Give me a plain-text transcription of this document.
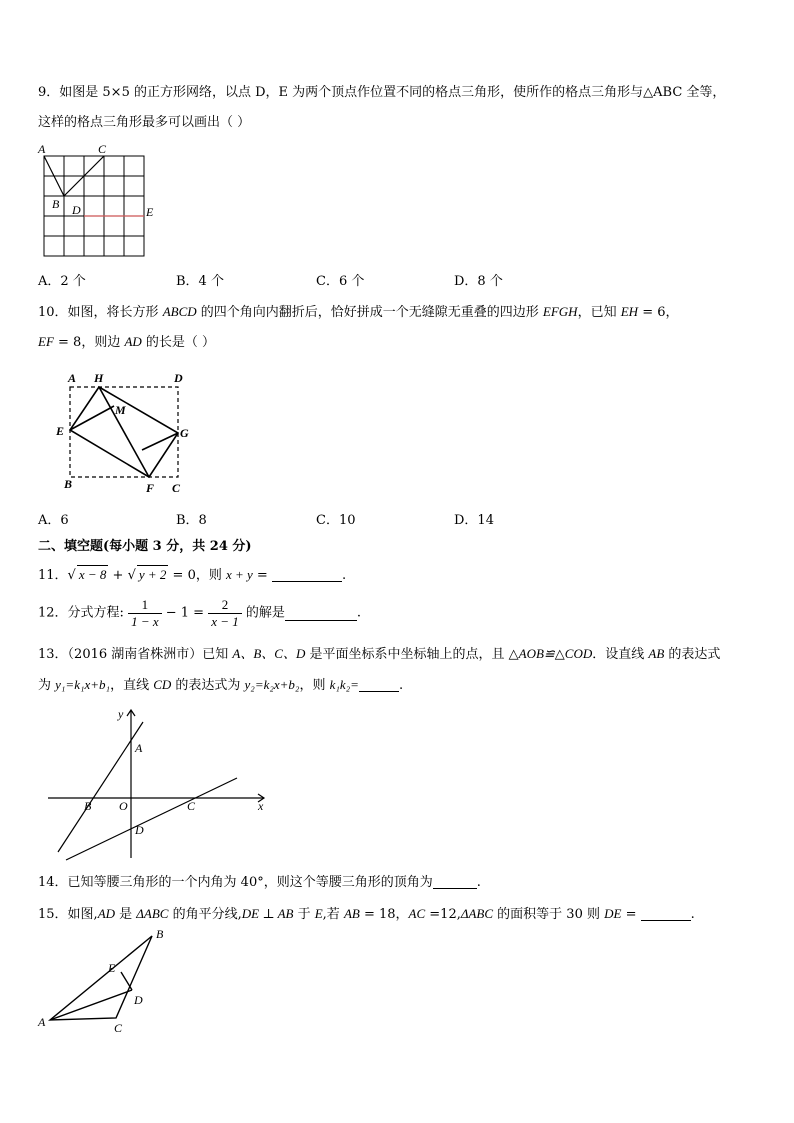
9．如图是 5×5 的正方形网络，以点 D，E 为两个顶点作位置不同的格点三角形，使所作的格点三角形与△ABC 全等，
这样的格点三角形最多可以画出（ ）
A	C
B D	E
A．2 个	B．4 个	C．6 个	D．8 个
10．如图，将长方形 ABCD 的四个角向内翻折后，恰好拼成一个无缝隙无重叠的四边形 EFGH，已知 EH = 6，
EF = 8，则边 AD 的长是（ ）
A H	D
M
E	G
B	F C
A．6	B．8	C．10	D．14
二、填空题(每小题 3 分，共 24 分)
11．√ x − 8 + √ y + 2 = 0，则 x + y =	.
12．分式方程: $\frac{1}{1 - x} - 1 = \frac{2}{x - 1}$ 的解是	.
13．（2016 湖南省株洲市）已知 A、B、C、D 是平面坐标系中坐标轴上的点，且 △AOB≌△COD．设直线 AB 的表达式
为 y₁=k₁x+b₁，直线 CD 的表达式为 y₂=k₂x+b₂，则 k₁k₂=	.
y
x
A
B O	C
D
14．已知等腰三角形的一个内角为 40°，则这个等腰三角形的顶角为	.
15．如图,AD 是 ΔABC 的角平分线,DE ⊥ AB 于 E,若 AB = 18，AC =12,ΔABC 的面积等于 30 则 DE =	.
B
E
D
A	C
